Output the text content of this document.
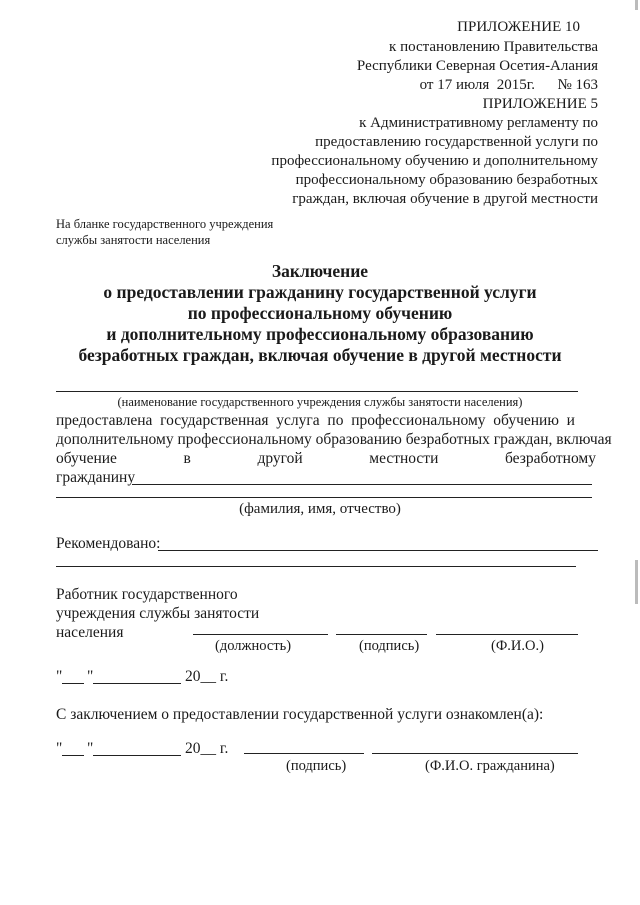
ПРИЛОЖЕНИЕ 10
к постановлению Правительства
Республики Северная Осетия-Алания
от 17 июля  2015г.      № 163
ПРИЛОЖЕНИЕ 5
к Административному регламенту по
предоставлению государственной услуги по
профессиональному обучению и дополнительному
профессиональному образованию безработных
граждан, включая обучение в другой местности
На бланке государственного учреждения
службы занятости населения
Заключение
о предоставлении гражданину государственной услуги
по профессиональному обучению
и дополнительному профессиональному образованию
безработных граждан, включая обучение в другой местности
(наименование государственного учреждения службы занятости населения)
предоставлена  государственная  услуга  по  профессиональному  обучению  и
дополнительному профессиональному образованию безработных граждан, включая
обучение	в	другой	местности	безработному
гражданину
(фамилия, имя, отчество)
Рекомендовано:
Работник государственного
учреждения службы занятости
населения
(должность)	(подпись)	(Ф.И.О.)
" "	20__ г.
С заключением о предоставлении государственной услуги ознакомлен(а):
" "	20__ г.
(подпись)	(Ф.И.О. гражданина)
